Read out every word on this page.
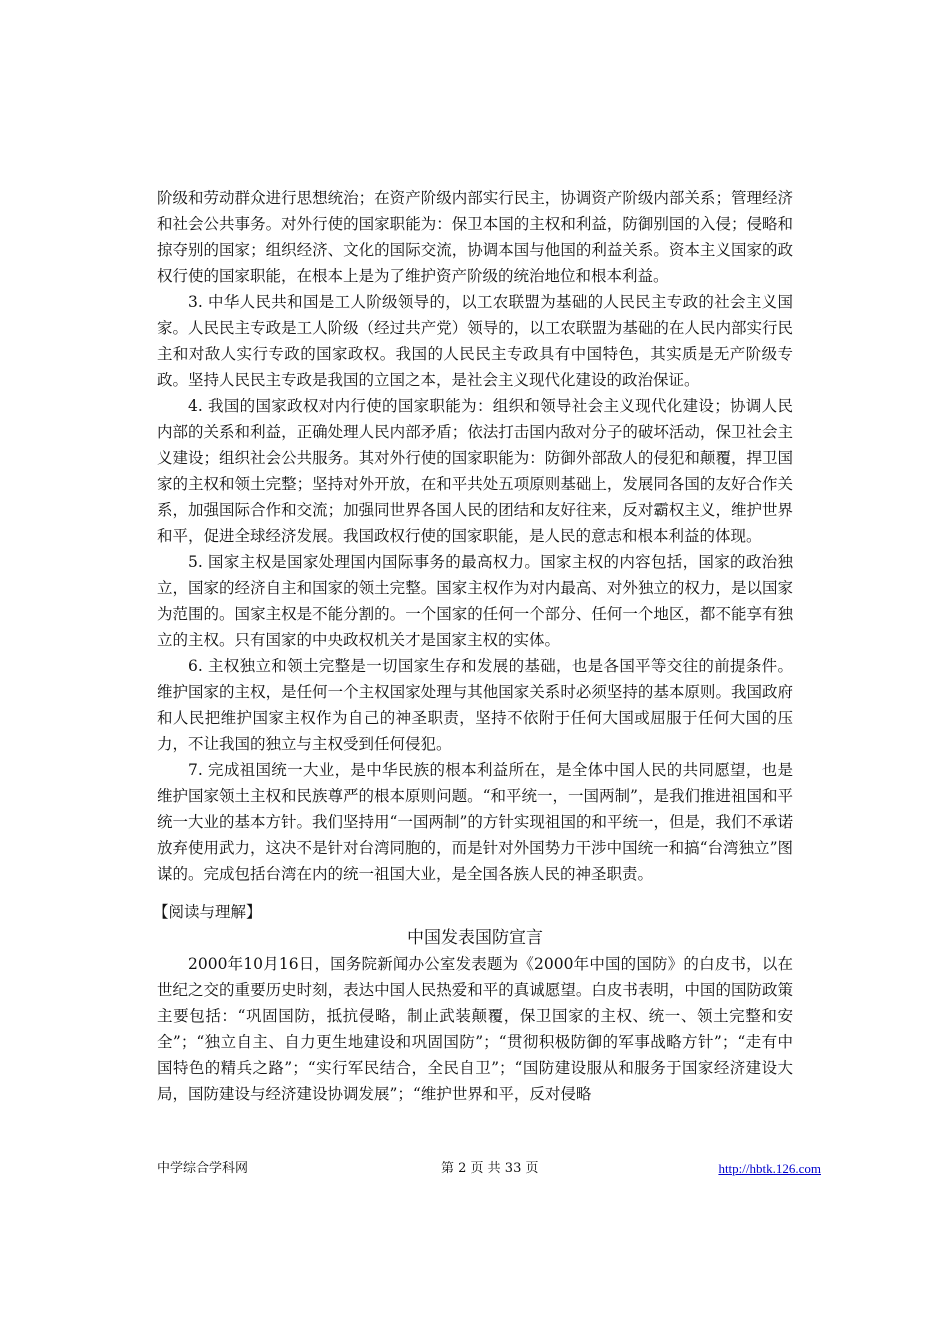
阶级和劳动群众进行思想统治；在资产阶级内部实行民主，协调资产阶级内部关系；管理经济和社会公共事务。对外行使的国家职能为：保卫本国的主权和利益，防御别国的入侵；侵略和掠夺别的国家；组织经济、文化的国际交流，协调本国与他国的利益关系。资本主义国家的政权行使的国家职能，在根本上是为了维护资产阶级的统治地位和根本利益。

3. 中华人民共和国是工人阶级领导的，以工农联盟为基础的人民民主专政的社会主义国家。人民民主专政是工人阶级（经过共产党）领导的，以工农联盟为基础的在人民内部实行民主和对敌人实行专政的国家政权。我国的人民民主专政具有中国特色，其实质是无产阶级专政。坚持人民民主专政是我国的立国之本，是社会主义现代化建设的政治保证。

4. 我国的国家政权对内行使的国家职能为：组织和领导社会主义现代化建设；协调人民内部的关系和利益，正确处理人民内部矛盾；依法打击国内敌对分子的破坏活动，保卫社会主义建设；组织社会公共服务。其对外行使的国家职能为：防御外部敌人的侵犯和颠覆，捍卫国家的主权和领土完整；坚持对外开放，在和平共处五项原则基础上，发展同各国的友好合作关系，加强国际合作和交流；加强同世界各国人民的团结和友好往来，反对霸权主义，维护世界和平，促进全球经济发展。我国政权行使的国家职能，是人民的意志和根本利益的体现。

5. 国家主权是国家处理国内国际事务的最高权力。国家主权的内容包括，国家的政治独立，国家的经济自主和国家的领土完整。国家主权作为对内最高、对外独立的权力，是以国家为范围的。国家主权是不能分割的。一个国家的任何一个部分、任何一个地区，都不能享有独立的主权。只有国家的中央政权机关才是国家主权的实体。

6. 主权独立和领土完整是一切国家生存和发展的基础，也是各国平等交往的前提条件。维护国家的主权，是任何一个主权国家处理与其他国家关系时必须坚持的基本原则。我国政府和人民把维护国家主权作为自己的神圣职责，坚持不依附于任何大国或屈服于任何大国的压力，不让我国的独立与主权受到任何侵犯。

7. 完成祖国统一大业，是中华民族的根本利益所在，是全体中国人民的共同愿望，也是维护国家领土主权和民族尊严的根本原则问题。“和平统一，一国两制”，是我们推进祖国和平统一大业的基本方针。我们坚持用“一国两制”的方针实现祖国的和平统一，但是，我们不承诺放弃使用武力，这决不是针对台湾同胞的，而是针对外国势力干涉中国统一和搞“台湾独立”图谋的。完成包括台湾在内的统一祖国大业，是全国各族人民的神圣职责。

【阅读与理解】

中国发表国防宣言

2000年10月16日，国务院新闻办公室发表题为《2000年中国的国防》的白皮书，以在世纪之交的重要历史时刻，表达中国人民热爱和平的真诚愿望。白皮书表明，中国的国防政策主要包括：“巩固国防，抵抗侵略，制止武装颠覆，保卫国家的主权、统一、领土完整和安全”；“独立自主、自力更生地建设和巩固国防”；“贯彻积极防御的军事战略方针”；“走有中国特色的精兵之路”；“实行军民结合，全民自卫”；“国防建设服从和服务于国家经济建设大局，国防建设与经济建设协调发展”；“维护世界和平，反对侵略

中学综合学科网	第 2 页 共 33 页	http://hbtk.126.com
